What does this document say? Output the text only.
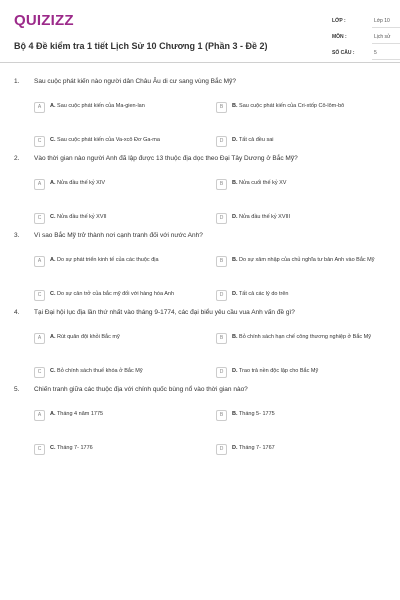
QUIZIZZ
Bộ 4 Đề kiểm tra 1 tiết Lịch Sử 10 Chương 1 (Phần 3 - Đề 2)
LỚP :	Lớp 10
MÔN :	Lịch sử
SỐ CÂU :	5
1. Sau cuộc phát kiến nào người dân Châu Âu di cư sang vùng Bắc Mỹ?
A	A. Sau cuộc phát kiến của Ma-gien-lan	B	B. Sau cuộc phát kiến của Cri-xtốp Cô-lôm-bô
C	C. Sau cuộc phát kiến của Va-xcô Đơ Ga-ma	D	D. Tất cả đều sai
2. Vào thời gian nào người Anh đã lập được 13 thuộc địa dọc theo Đại Tây Dương ở Bắc Mỹ?
A	A. Nửa đầu thế kỷ XIV	B	B. Nửa cuối thế kỷ XV
C	C. Nửa đầu thế kỷ XVII	D	D. Nửa đầu thế kỷ XVIII
3. Vì sao Bắc Mỹ trở thành nơi cạnh tranh đối với nước Anh?
A	A. Do sự phát triển kinh tế của các thuộc địa	B	B. Do sự xâm nhập của chủ nghĩa tư bản Anh vào Bắc Mỹ
C	C. Do sự cản trở của bắc mỹ đối với hàng hóa Anh	D	D. Tất cả các lý do trên
4. Tại Đại hội lục địa lần thứ nhất vào tháng 9-1774, các đại biểu yêu cầu vua Anh vấn đề gì?
A	A. Rút quân đội khỏi Bắc mỹ	B	B. Bỏ chính sách hạn chế công thương nghiệp ở Bắc Mỹ
C	C. Bỏ chính sách thuế khóa ở Bắc Mỹ	D	D. Trao trả nền độc lập cho Bắc Mỹ
5. Chiến tranh giữa các thuộc địa với chính quốc bùng nổ vào thời gian nào?
A	A. Tháng 4 năm 1775	B	B. Tháng 5- 1775
C	C. Tháng 7- 1776	D	D. Tháng 7- 1767
